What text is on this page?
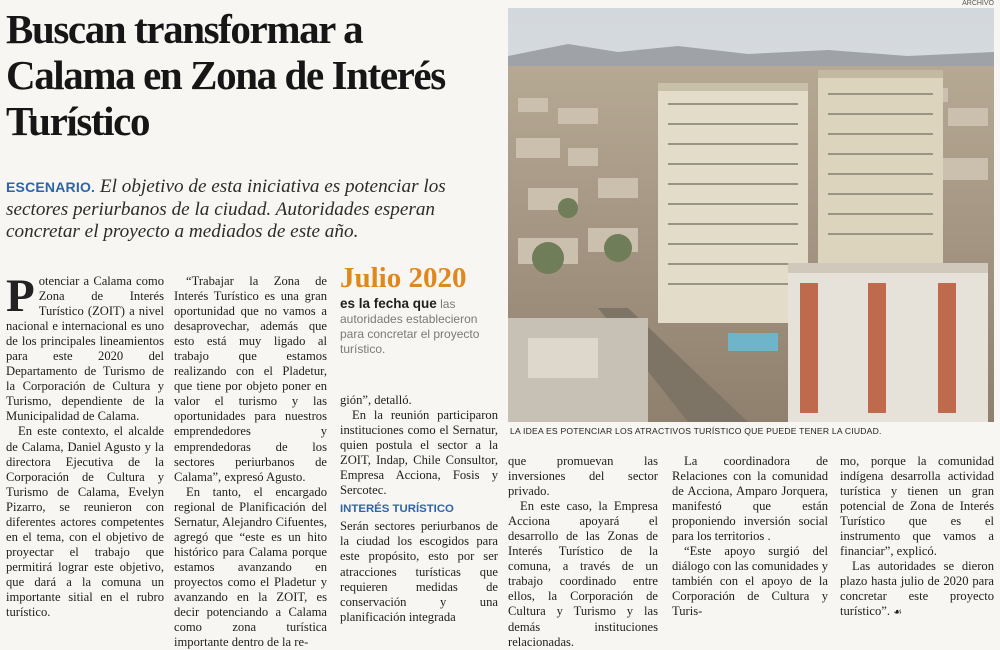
Buscan transformar a Calama en Zona de Interés Turístico

ESCENARIO. El objetivo de esta iniciativa es potenciar los sectores periurbanos de la ciudad. Autoridades esperan concretar el proyecto a mediados de este año.

Potenciar a Calama como Zona de Interés Turístico (ZOIT) a nivel nacional e internacional es uno de los principales lineamientos para este 2020 del Departamento de Turismo de la Corporación de Cultura y Turismo, dependiente de la Municipalidad de Calama.

En este contexto, el alcalde de Calama, Daniel Agusto y la directora Ejecutiva de la Corporación de Cultura y Turismo de Calama, Evelyn Pizarro, se reunieron con diferentes actores competentes en el tema, con el objetivo de proyectar el trabajo que permitirá lograr este objetivo, que dará a la comuna un importante sitial en el rubro turístico.

“Trabajar la Zona de Interés Turístico es una gran oportunidad que no vamos a desaprovechar, además que esto está muy ligado al trabajo que estamos realizando con el Pladetur, que tiene por objeto poner en valor el turismo y las oportunidades para nuestros emprendedores y emprendedoras de los sectores periurbanos de Calama”, expresó Agusto.

En tanto, el encargado regional de Planificación del Sernatur, Alejandro Cifuentes, agregó que “este es un hito histórico para Calama porque estamos avanzando en proyectos como el Pladetur y avanzando en la ZOIT, es decir potenciando a Calama como zona turística importante dentro de la re-

Julio 2020

es la fecha que las autoridades establecieron para concretar el proyecto turístico.

gión”, detalló.

En la reunión participaron instituciones como el Sernatur, quien postula el sector a la ZOIT, Indap, Chile Consultor, Empresa Acciona, Fosis y Sercotec.

INTERÉS TURÍSTICO

Serán sectores periurbanos de la ciudad los escogidos para este propósito, esto por ser atracciones turísticas que requieren medidas de conservación y una planificación integrada

ARCHIVO
LA IDEA ES POTENCIAR LOS ATRACTIVOS TURÍSTICO QUE PUEDE TENER LA CIUDAD.

que promuevan las inversiones del sector privado.

En este caso, la Empresa Acciona apoyará el desarrollo de las Zonas de Interés Turístico de la comuna, a través de un trabajo coordinado entre ellos, la Corporación de Cultura y Turismo y las demás instituciones relacionadas.

La coordinadora de Relaciones con la comunidad de Acciona, Amparo Jorquera, manifestó que están proponiendo inversión social para los territorios .

“Este apoyo surgió del diálogo con las comunidades y también con el apoyo de la Corporación de Cultura y Turis-

mo, porque la comunidad indígena desarrolla actividad turística y tienen un gran potencial de Zona de Interés Turístico que es el instrumento que vamos a financiar”, explicó.

Las autoridades se dieron plazo hasta julio de 2020 para concretar este proyecto turístico”. ☙
